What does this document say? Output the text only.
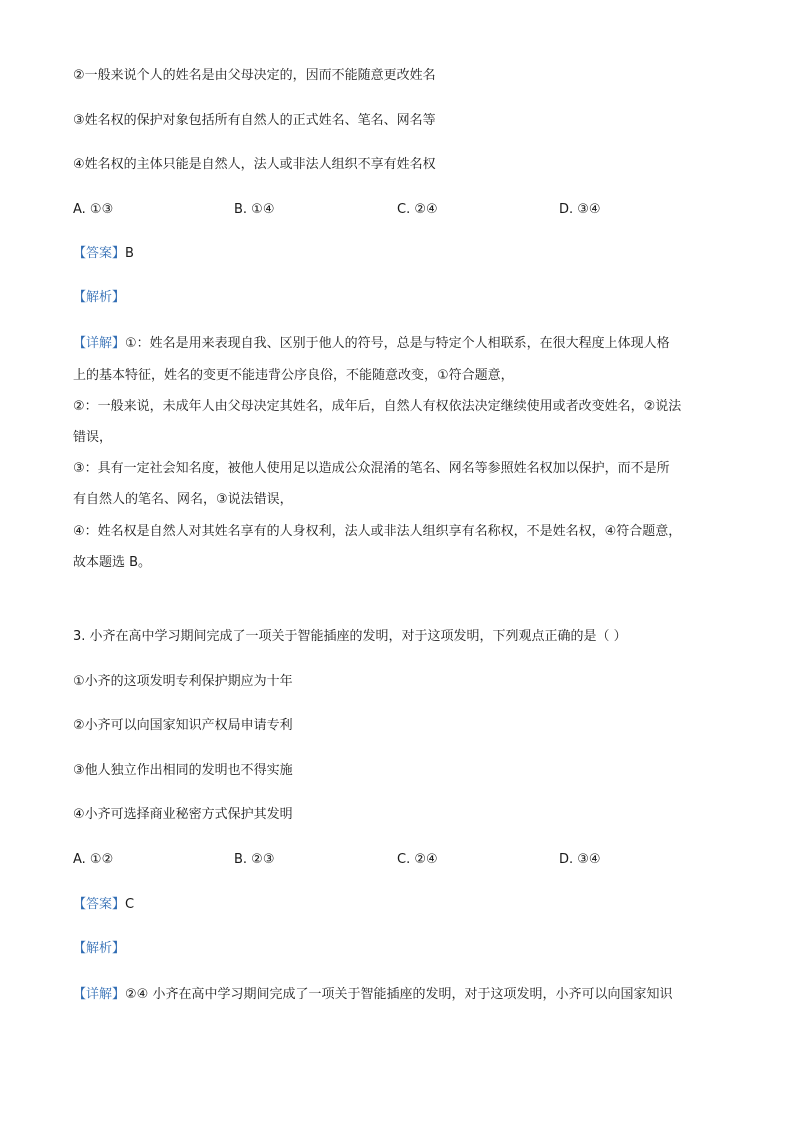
②一般来说个人的姓名是由父母决定的，因而不能随意更改姓名
③姓名权的保护对象包括所有自然人的正式姓名、笔名、网名等
④姓名权的主体只能是自然人，法人或非法人组织不享有姓名权
A. ①③	B. ①④	C. ②④	D. ③④
【答案】B
【解析】
【详解】①：姓名是用来表现自我、区别于他人的符号，总是与特定个人相联系，在很大程度上体现人格
上的基本特征，姓名的变更不能违背公序良俗，不能随意改变，①符合题意，
②：一般来说，未成年人由父母决定其姓名，成年后，自然人有权依法决定继续使用或者改变姓名，②说法
错误，
③：具有一定社会知名度，被他人使用足以造成公众混淆的笔名、网名等参照姓名权加以保护，而不是所
有自然人的笔名、网名，③说法错误，
④：姓名权是自然人对其姓名享有的人身权利，法人或非法人组织享有名称权，不是姓名权，④符合题意，
故本题选 B。
3. 小齐在高中学习期间完成了一项关于智能插座的发明，对于这项发明，下列观点正确的是（ ）
①小齐的这项发明专利保护期应为十年
②小齐可以向国家知识产权局申请专利
③他人独立作出相同的发明也不得实施
④小齐可选择商业秘密方式保护其发明
A. ①②	B. ②③	C. ②④	D. ③④
【答案】C
【解析】
【详解】②④ 小齐在高中学习期间完成了一项关于智能插座的发明，对于这项发明，小齐可以向国家知识
